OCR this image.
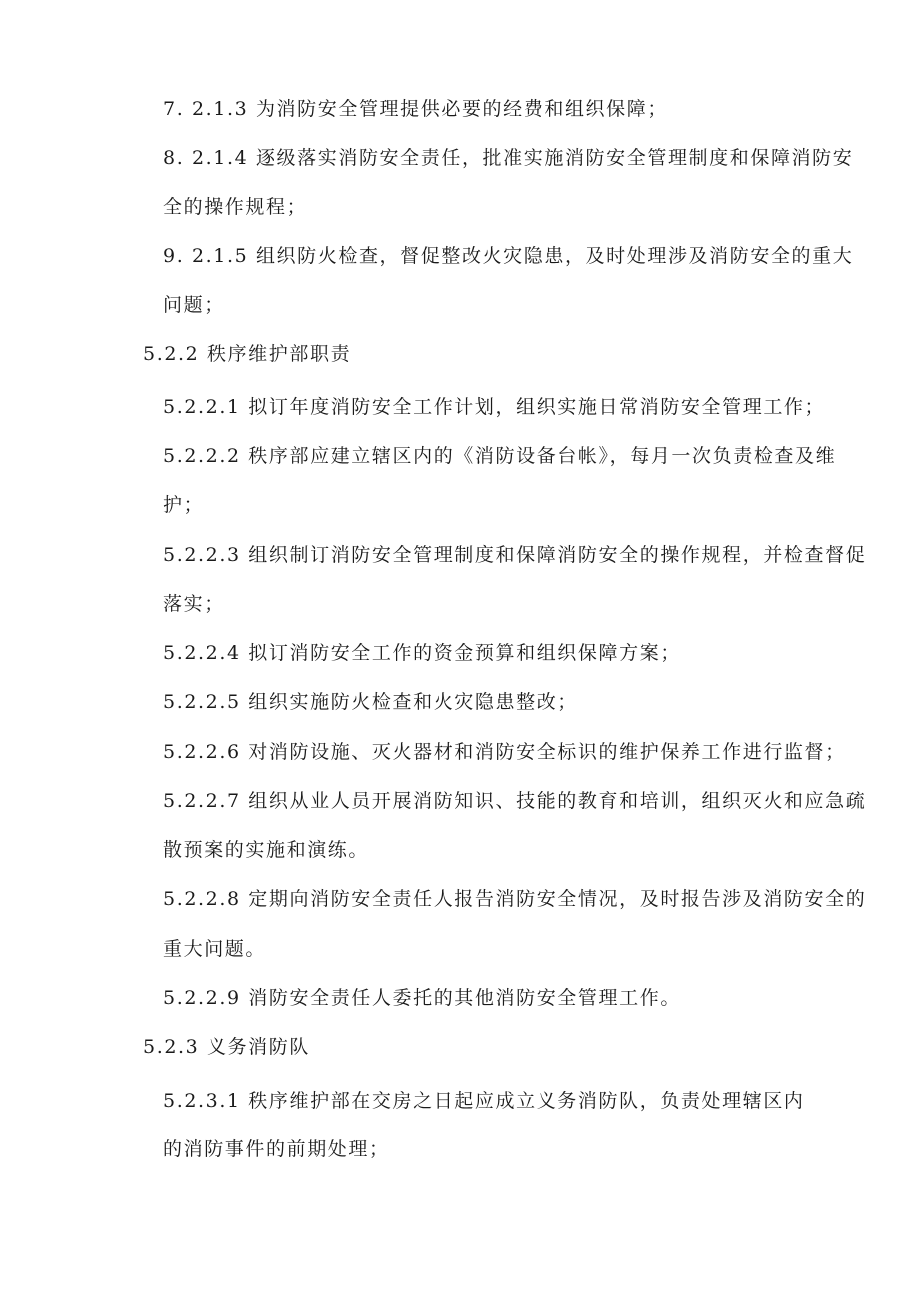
7. 2.1.3 为消防安全管理提供必要的经费和组织保障；
8. 2.1.4 逐级落实消防安全责任，批准实施消防安全管理制度和保障消防安
全的操作规程；
9. 2.1.5 组织防火检查，督促整改火灾隐患，及时处理涉及消防安全的重大
问题；
5.2.2 秩序维护部职责
5.2.2.1 拟订年度消防安全工作计划，组织实施日常消防安全管理工作；
5.2.2.2 秩序部应建立辖区内的《消防设备台帐》，每月一次负责检查及维
护；
5.2.2.3 组织制订消防安全管理制度和保障消防安全的操作规程，并检查督促
落实；
5.2.2.4 拟订消防安全工作的资金预算和组织保障方案；
5.2.2.5 组织实施防火检查和火灾隐患整改；
5.2.2.6 对消防设施、灭火器材和消防安全标识的维护保养工作进行监督；
5.2.2.7 组织从业人员开展消防知识、技能的教育和培训，组织灭火和应急疏
散预案的实施和演练。
5.2.2.8 定期向消防安全责任人报告消防安全情况，及时报告涉及消防安全的
重大问题。
5.2.2.9 消防安全责任人委托的其他消防安全管理工作。
5.2.3 义务消防队
5.2.3.1 秩序维护部在交房之日起应成立义务消防队，负责处理辖区内
的消防事件的前期处理；
